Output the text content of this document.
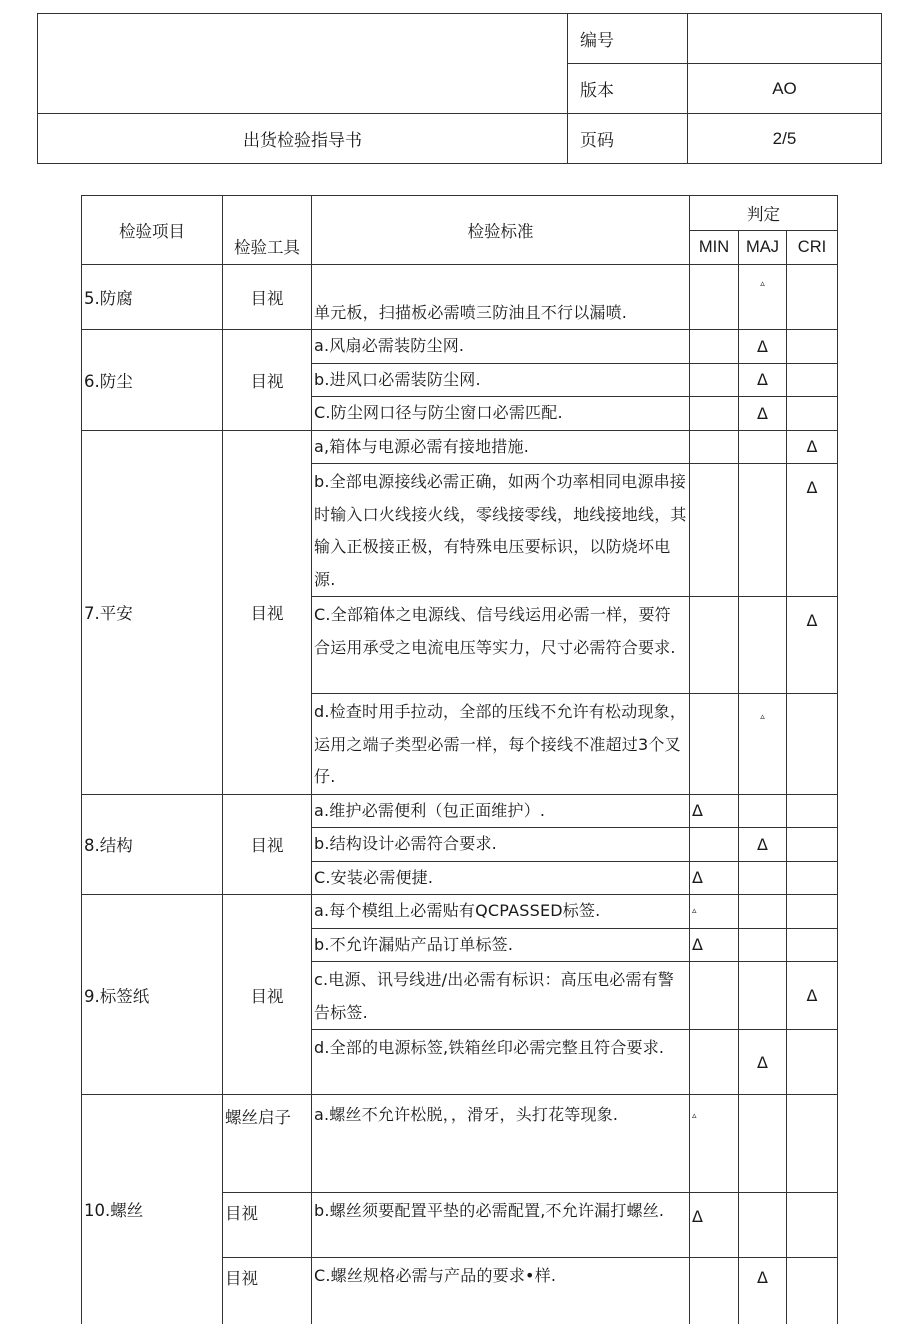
	编号	
	版本	AO
出货检验指导书	页码	2/5
检验项目	检验工具	检验标准	判定		
			MIN	MAJ	CRI
5.防腐	目视	单元板，扫描板必需喷三防油且不行以漏喷.		▵	
6.防尘	目视	a.风扇必需装防尘网.		Δ	
		b.进风口必需装防尘网.		Δ	
		C.防尘网口径与防尘窗口必需匹配.		Δ	
7.平安	目视	a,箱体与电源必需有接地措施.			Δ
		b.全部电源接线必需正确，如两个功率相同电源串接时输入口火线接火线，零线接零线，地线接地线，其输入正极接正极，有特殊电压要标识，以防烧坏电源.			Δ
		C.全部箱体之电源线、信号线运用必需一样，要符合运用承受之电流电压等实力，尺寸必需符合要求.			Δ
		d.检查时用手拉动，全部的压线不允许有松动现象，运用之端子类型必需一样，每个接线不准超过3个叉仔.		▵	
8.结构	目视	a.维护必需便利（包正面维护）.	Δ		
		b.结构设计必需符合要求.		Δ	
		C.安装必需便捷.	Δ		
9.标签纸	目视	a.每个模组上必需贴有QCPASSED标签.	▵		
		b.不允许漏贴产品订单标签.	Δ		
		c.电源、讯号线进/出必需有标识：高压电必需有警告标签.			Δ
		d.全部的电源标签,铁箱丝印必需完整且符合要求.		Δ	
10.螺丝	螺丝启子	a.螺丝不允许松脱，，滑牙，头打花等现象.	▵		
	目视	b.螺丝须要配置平垫的必需配置,不允许漏打螺丝.	Δ		
	目视	C.螺丝规格必需与产品的要求•样.		Δ	
